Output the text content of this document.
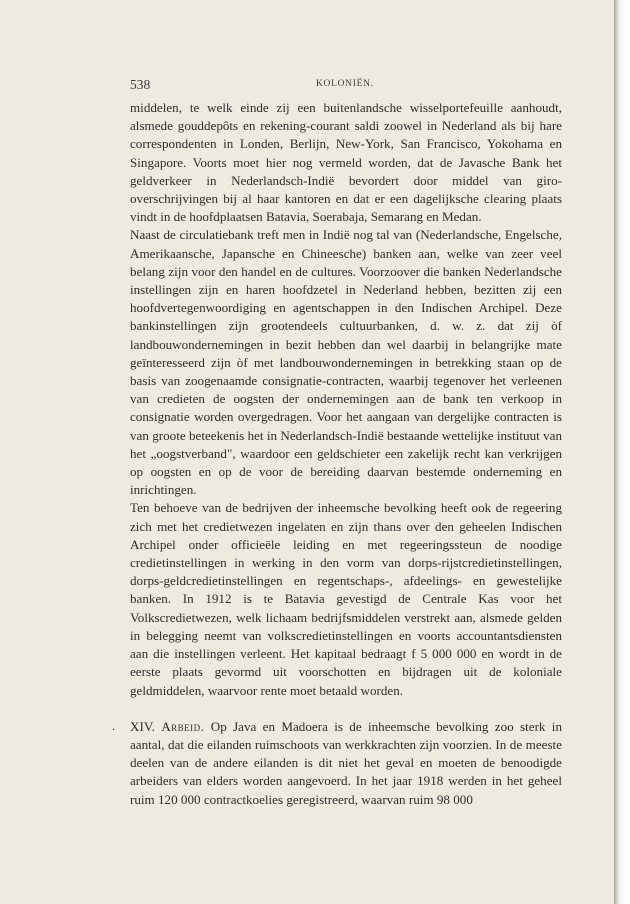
538	KOLONIËN.

middelen, te welk einde zij een buitenlandsche wisselportefeuille aanhoudt, alsmede gouddepôts en rekening-courant saldi zoowel in Nederland als bij hare correspondenten in Londen, Berlijn, New-York, San Francisco, Yokohama en Singapore. Voorts moet hier nog vermeld worden, dat de Javasche Bank het geldverkeer in Nederlandsch-Indië bevordert door middel van giro-overschrijvingen bij al haar kantoren en dat er een dagelijksche clearing plaats vindt in de hoofdplaatsen Batavia, Soerabaja, Semarang en Medan.

Naast de circulatiebank treft men in Indië nog tal van (Nederlandsche, Engelsche, Amerikaansche, Japansche en Chineesche) banken aan, welke van zeer veel belang zijn voor den handel en de cultures. Voorzoover die banken Nederlandsche instellingen zijn en haren hoofdzetel in Nederland hebben, bezitten zij een hoofdvertegenwoordiging en agentschappen in den Indischen Archipel. Deze bankinstellingen zijn grootendeels cultuurbanken, d. w. z. dat zij òf landbouwondernemingen in bezit hebben dan wel daarbij in belangrijke mate geïnteresseerd zijn òf met landbouwondernemingen in betrekking staan op de basis van zoogenaamde consignatie-contracten, waarbij tegenover het verleenen van credieten de oogsten der ondernemingen aan de bank ten verkoop in consignatie worden overgedragen. Voor het aangaan van dergelijke contracten is van groote beteekenis het in Nederlandsch-Indië bestaande wettelijke instituut van het „oogstverband", waardoor een geldschieter een zakelijk recht kan verkrijgen op oogsten en op de voor de bereiding daarvan bestemde onderneming en inrichtingen.

Ten behoeve van de bedrijven der inheemsche bevolking heeft ook de regeering zich met het credietwezen ingelaten en zijn thans over den geheelen Indischen Archipel onder officieële leiding en met regeeringssteun de noodige credietinstellingen in werking in den vorm van dorps-rijstcredietinstellingen, dorps-geldcredietinstellingen en regentschaps-, afdeelings- en gewestelijke banken. In 1912 is te Batavia gevestigd de Centrale Kas voor het Volkscredietwezen, welk lichaam bedrijfsmiddelen verstrekt aan, alsmede gelden in belegging neemt van volkscredietinstellingen en voorts accountantsdiensten aan die instellingen verleent. Het kapitaal bedraagt f 5 000 000 en wordt in de eerste plaats gevormd uit voorschotten en bijdragen uit de koloniale geldmiddelen, waarvoor rente moet betaald worden.

XIV. Arbeid. Op Java en Madoera is de inheemsche bevolking zoo sterk in aantal, dat die eilanden ruimschoots van werkkrachten zijn voorzien. In de meeste deelen van de andere eilanden is dit niet het geval en moeten de benoodigde arbeiders van elders worden aangevoerd. In het jaar 1918 werden in het geheel ruim 120 000 contractkoelies geregistreerd, waarvan ruim 98 000

.
